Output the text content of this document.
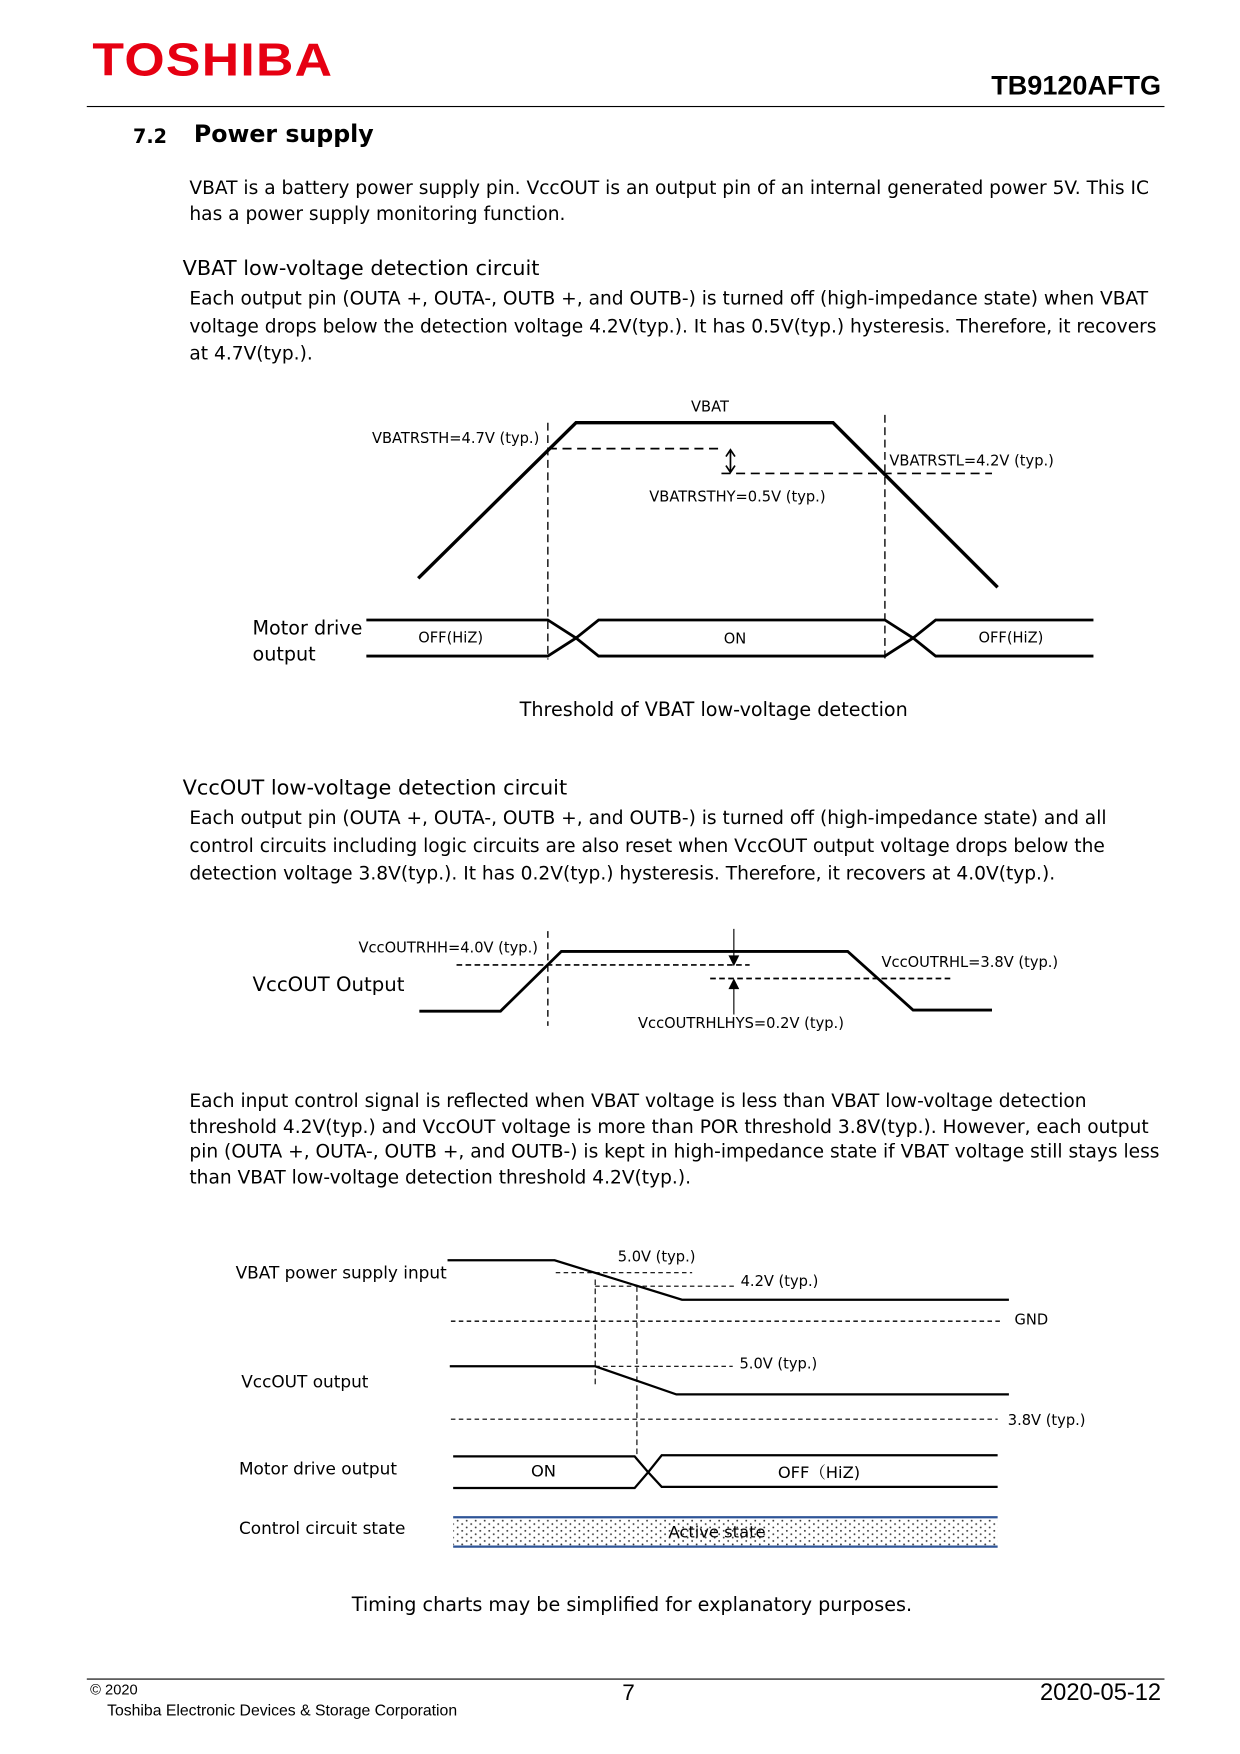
TOSHIBA
TB9120AFTG
7.2 Power supply
VBAT is a battery power supply pin. VccOUT is an output pin of an internal generated power 5V. This IC has a power supply monitoring function.
VBAT low-voltage detection circuit
Each output pin (OUTA +, OUTA-, OUTB +, and OUTB-) is turned off (high-impedance state) when VBAT voltage drops below the detection voltage 4.2V(typ.). It has 0.5V(typ.) hysteresis. Therefore, it recovers at 4.7V(typ.).
VBAT
VBATRSTH=4.7V (typ.)
VBATRSTL=4.2V (typ.)
VBATRSTHY=0.5V (typ.)
Motor drive
output
OFF(HiZ)	ON	OFF(HiZ)
VccOUT Output
VccOUTRHH=4.0V (typ.)
VccOUTRHL=3.8V (typ.)
VccOUTRHLHYS=0.2V (typ.)
VBAT power supply input
5.0V (typ.)
4.2V (typ.)
GND
VccOUT output
5.0V (typ.)
3.8V (typ.)
Motor drive output	ON	OFF（HiZ)
Control circuit state	Active state
Threshold of VBAT low-voltage detection
VccOUT low-voltage detection circuit
Each output pin (OUTA +, OUTA-, OUTB +, and OUTB-) is turned off (high-impedance state) and all control circuits including logic circuits are also reset when VccOUT output voltage drops below the detection voltage 3.8V(typ.). It has 0.2V(typ.) hysteresis. Therefore, it recovers at 4.0V(typ.).
Each input control signal is reflected when VBAT voltage is less than VBAT low-voltage detection threshold 4.2V(typ.) and VccOUT voltage is more than POR threshold 3.8V(typ.). However, each output pin (OUTA +, OUTA-, OUTB +, and OUTB-) is kept in high-impedance state if VBAT voltage still stays less than VBAT low-voltage detection threshold 4.2V(typ.).
Timing charts may be simplified for explanatory purposes.
© 2020
Toshiba Electronic Devices & Storage Corporation
7	2020-05-12
